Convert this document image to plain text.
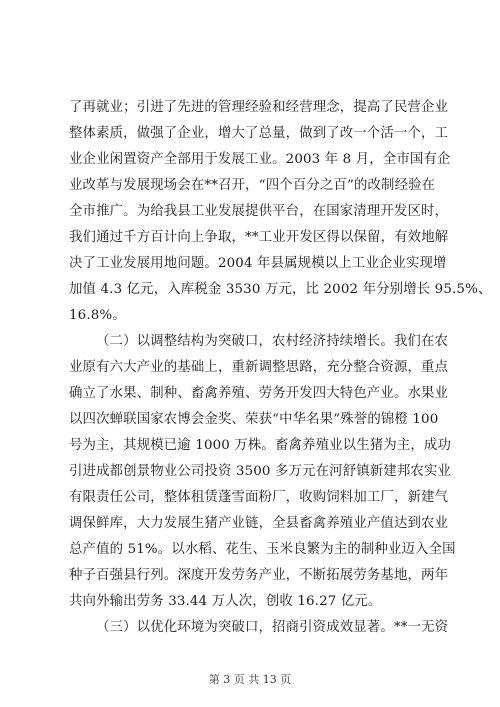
了再就业；引进了先进的管理经验和经营理念，提高了民营企业
整体素质，做强了企业，增大了总量，做到了改一个活一个，工
业企业闲置资产全部用于发展工业。2003 年 8 月，全市国有企
业改革与发展现场会在**召开，“四个百分之百”的改制经验在
全市推广。为给我县工业发展提供平台，在国家清理开发区时，
我们通过千方百计向上争取，**工业开发区得以保留，有效地解
决了工业发展用地问题。2004 年县属规模以上工业企业实现增
加值 4.3 亿元，入库税金 3530 万元，比 2002 年分别增长 95.5%、
16.8%。
（二）以调整结构为突破口，农村经济持续增长。我们在农
业原有六大产业的基础上，重新调整思路，充分整合资源，重点
确立了水果、制种、畜禽养殖、劳务开发四大特色产业。水果业
以四次蝉联国家农博会金奖、荣获“中华名果”殊誉的锦橙 100
号为主，其规模已逾 1000 万株。畜禽养殖业以生猪为主，成功
引进成都创景物业公司投资 3500 多万元在河舒镇新建邦农实业
有限责任公司，整体租赁蓬雪面粉厂，收购饲料加工厂，新建气
调保鲜库，大力发展生猪产业链，全县畜禽养殖业产值达到农业
总产值的 51%。以水稻、花生、玉米良繁为主的制种业迈入全国
种子百强县行列。深度开发劳务产业，不断拓展劳务基地，两年
共向外输出劳务 33.44 万人次，创收 16.27 亿元。
（三）以优化环境为突破口，招商引资成效显著。**一无资
第 3 页 共 13 页
